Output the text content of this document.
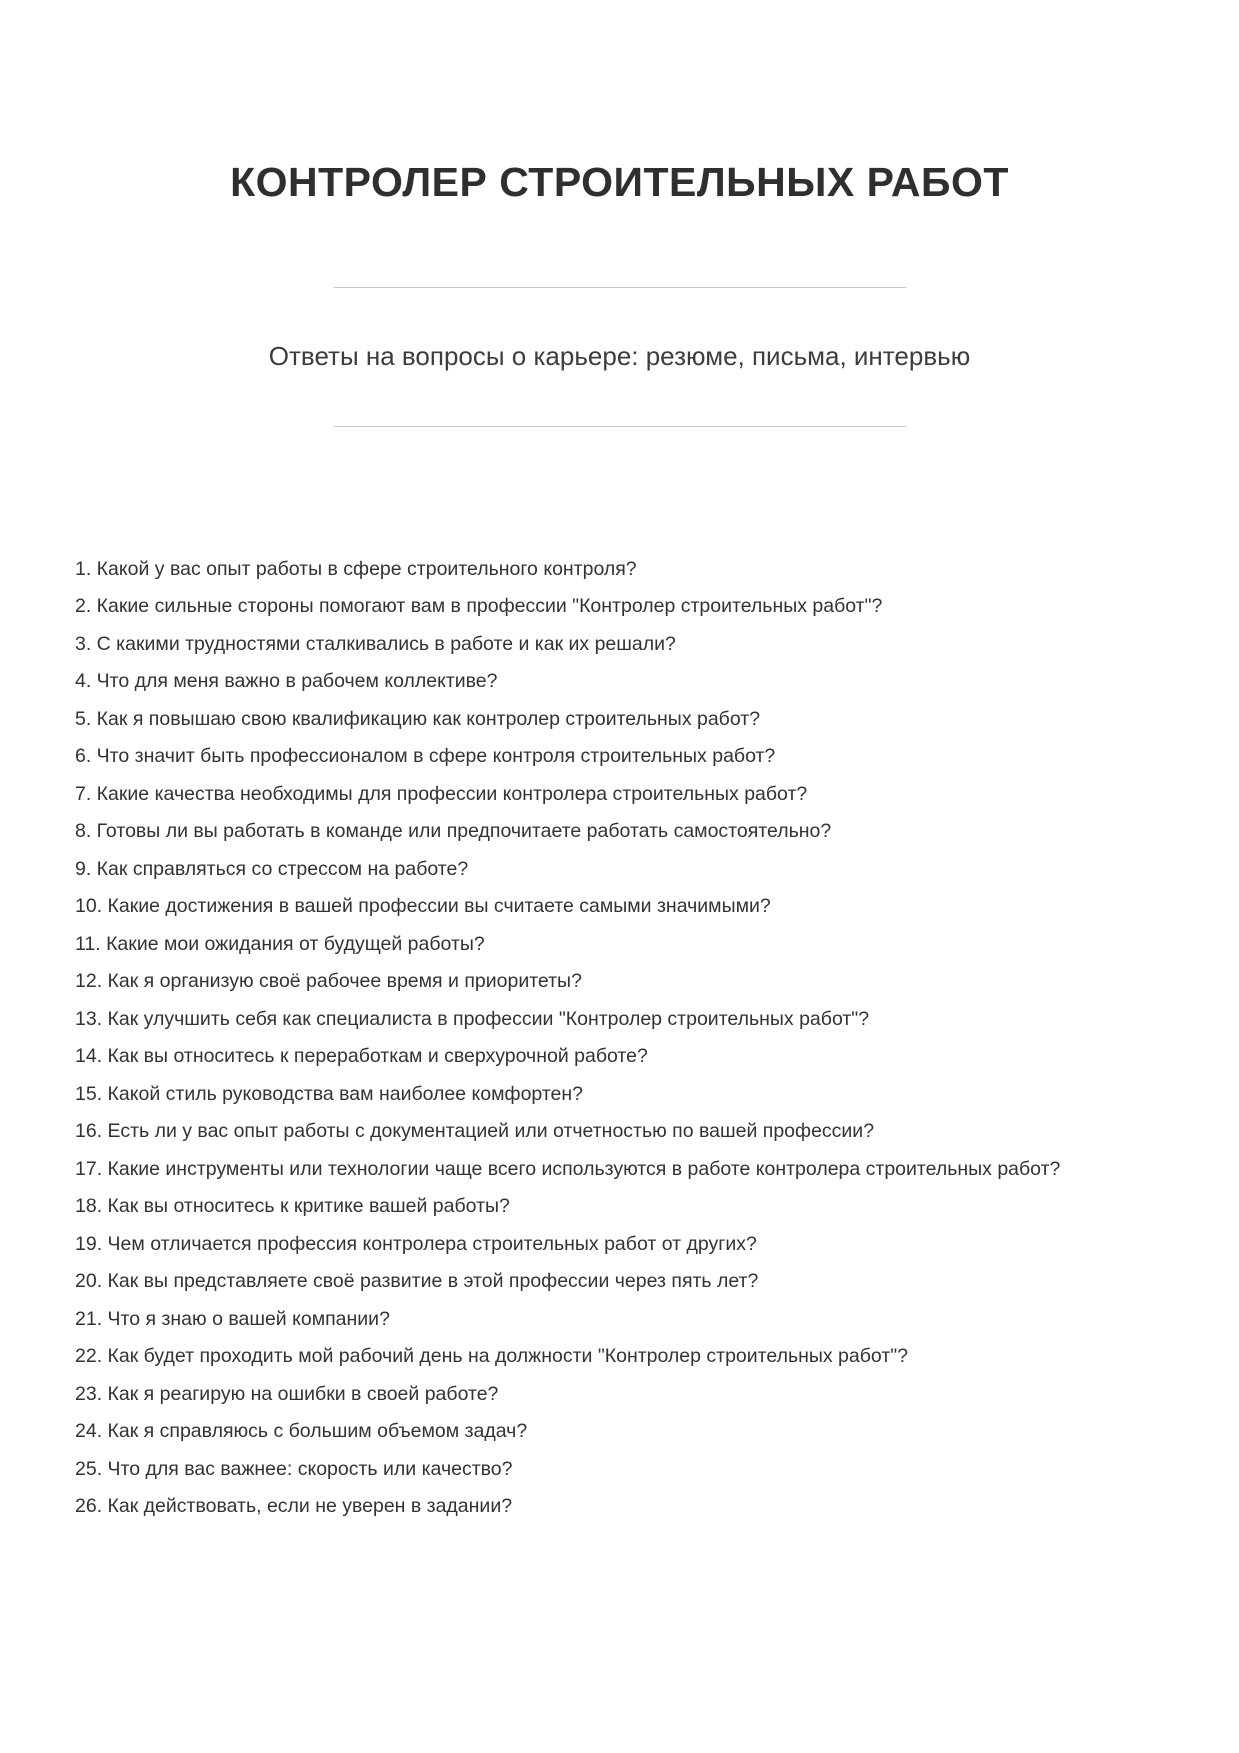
КОНТРОЛЕР СТРОИТЕЛЬНЫХ РАБОТ
Ответы на вопросы о карьере: резюме, письма, интервью
1. Какой у вас опыт работы в сфере строительного контроля?
2. Какие сильные стороны помогают вам в профессии "Контролер строительных работ"?
3. С какими трудностями сталкивались в работе и как их решали?
4. Что для меня важно в рабочем коллективе?
5. Как я повышаю свою квалификацию как контролер строительных работ?
6. Что значит быть профессионалом в сфере контроля строительных работ?
7. Какие качества необходимы для профессии контролера строительных работ?
8. Готовы ли вы работать в команде или предпочитаете работать самостоятельно?
9. Как справляться со стрессом на работе?
10. Какие достижения в вашей профессии вы считаете самыми значимыми?
11. Какие мои ожидания от будущей работы?
12. Как я организую своё рабочее время и приоритеты?
13. Как улучшить себя как специалиста в профессии "Контролер строительных работ"?
14. Как вы относитесь к переработкам и сверхурочной работе?
15. Какой стиль руководства вам наиболее комфортен?
16. Есть ли у вас опыт работы с документацией или отчетностью по вашей профессии?
17. Какие инструменты или технологии чаще всего используются в работе контролера строительных работ?
18. Как вы относитесь к критике вашей работы?
19. Чем отличается профессия контролера строительных работ от других?
20. Как вы представляете своё развитие в этой профессии через пять лет?
21. Что я знаю о вашей компании?
22. Как будет проходить мой рабочий день на должности "Контролер строительных работ"?
23. Как я реагирую на ошибки в своей работе?
24. Как я справляюсь с большим объемом задач?
25. Что для вас важнее: скорость или качество?
26. Как действовать, если не уверен в задании?
